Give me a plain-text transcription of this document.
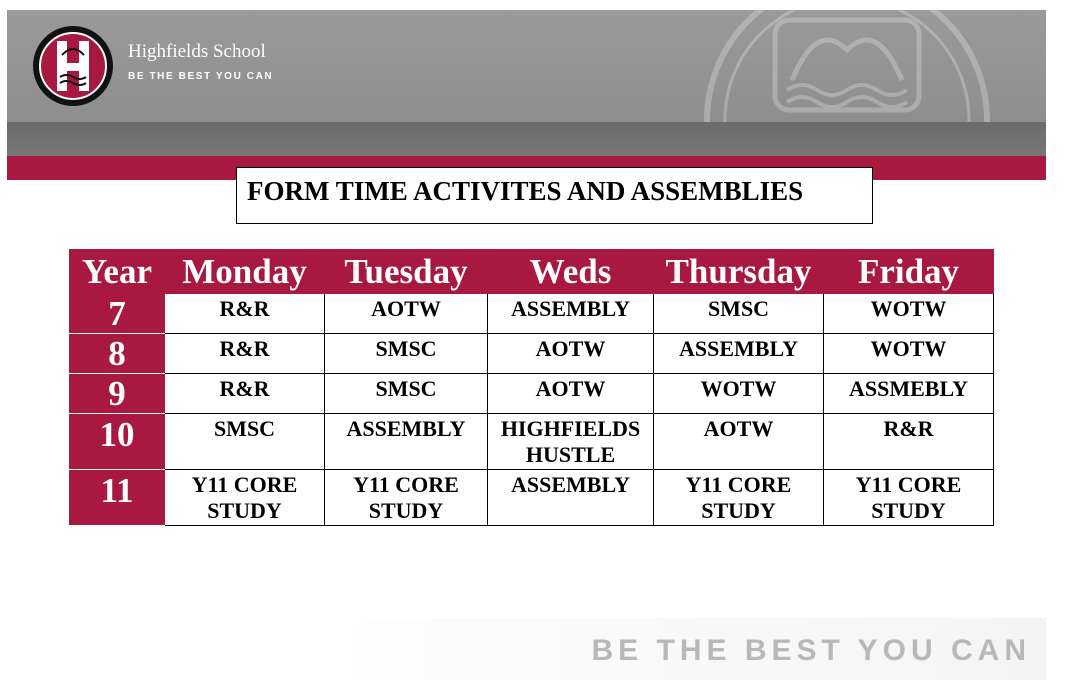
Highfields School
BE THE BEST YOU CAN
FORM TIME ACTIVITES AND ASSEMBLIES
Year	Monday	Tuesday	Weds	Thursday	Friday
7	R&R	AOTW	ASSEMBLY	SMSC	WOTW
8	R&R	SMSC	AOTW	ASSEMBLY	WOTW
9	R&R	SMSC	AOTW	WOTW	ASSMEBLY
10	SMSC	ASSEMBLY	HIGHFIELDS HUSTLE	AOTW	R&R
11	Y11 CORE STUDY	Y11 CORE STUDY	ASSEMBLY	Y11 CORE STUDY	Y11 CORE STUDY
BE THE BEST YOU CAN
